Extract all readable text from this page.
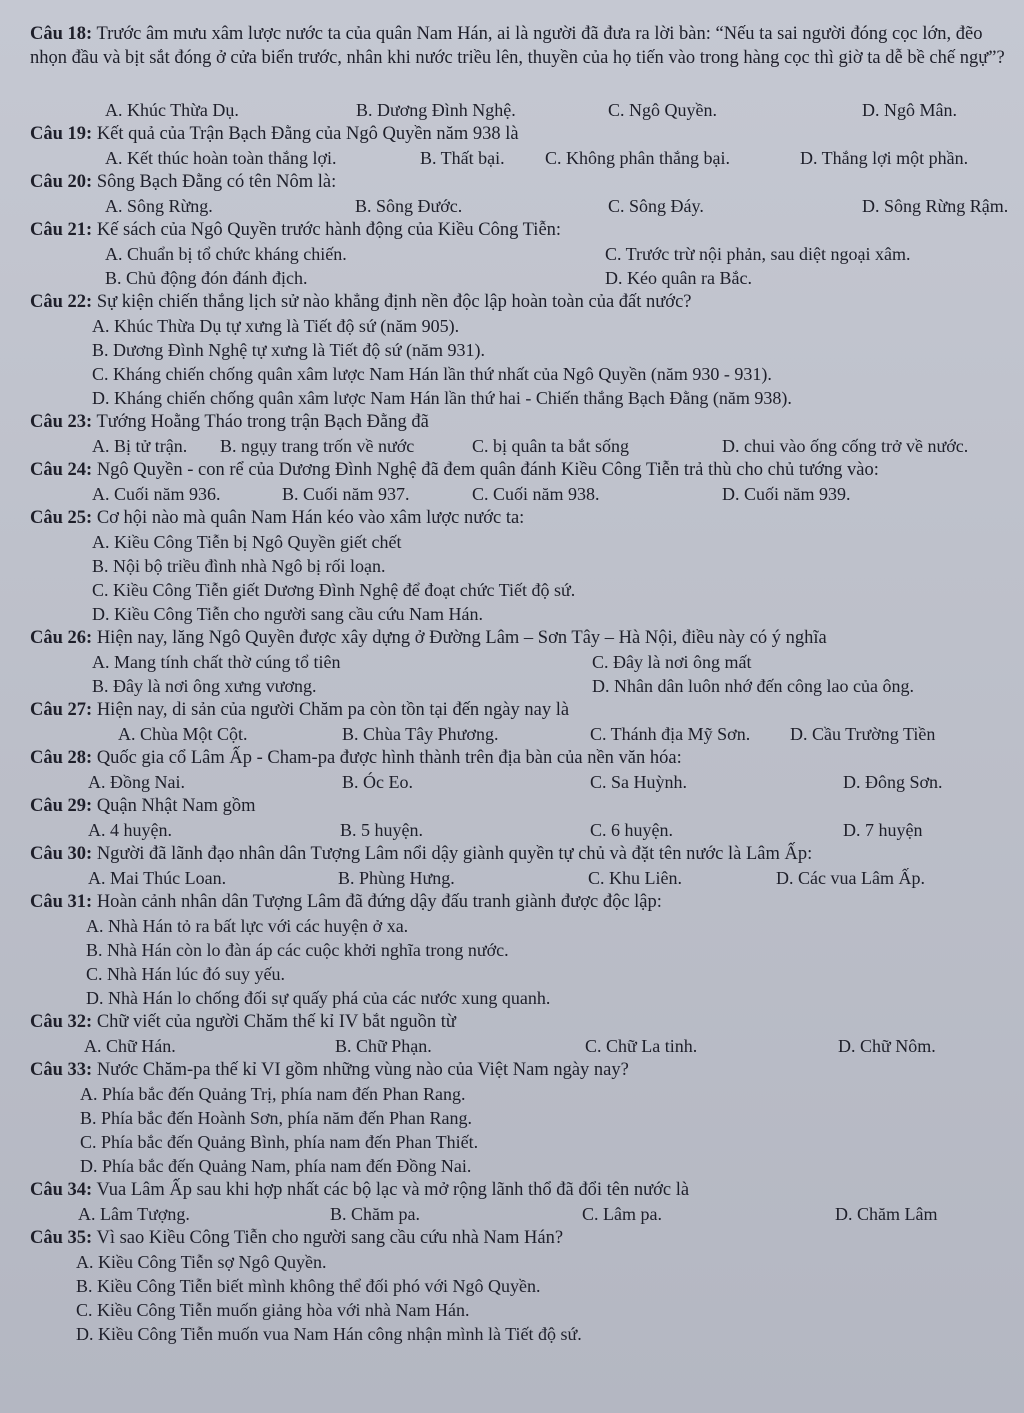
Câu 18: Trước âm mưu xâm lược nước ta của quân Nam Hán, ai là người đã đưa ra lời bàn: “Nếu ta sai người đóng cọc lớn, đẽo nhọn đầu và bịt sắt đóng ở cửa biển trước, nhân khi nước triều lên, thuyền của họ tiến vào trong hàng cọc thì giờ ta dễ bề chế ngự”?
A. Khúc Thừa Dụ.	B. Dương Đình Nghệ.	C. Ngô Quyền.	D. Ngô Mân.
Câu 19: Kết quả của Trận Bạch Đằng của Ngô Quyền năm 938 là
A. Kết thúc hoàn toàn thắng lợi.	B. Thất bại. C. Không phân thắng bại.	D. Thắng lợi một phần.
Câu 20: Sông Bạch Đằng có tên Nôm là:
A. Sông Rừng.	B. Sông Đước.	C. Sông Đáy.	D. Sông Rừng Rậm.
Câu 21: Kế sách của Ngô Quyền trước hành động của Kiều Công Tiễn:
A. Chuẩn bị tổ chức kháng chiến.	C. Trước trừ nội phản, sau diệt ngoại xâm.
B. Chủ động đón đánh địch.	D. Kéo quân ra Bắc.
Câu 22: Sự kiện chiến thắng lịch sử nào khẳng định nền độc lập hoàn toàn của đất nước?
A. Khúc Thừa Dụ tự xưng là Tiết độ sứ (năm 905).
B. Dương Đình Nghệ tự xưng là Tiết độ sứ (năm 931).
C. Kháng chiến chống quân xâm lược Nam Hán lần thứ nhất của Ngô Quyền (năm 930 - 931).
D. Kháng chiến chống quân xâm lược Nam Hán lần thứ hai - Chiến thắng Bạch Đằng (năm 938).
Câu 23: Tướng Hoằng Tháo trong trận Bạch Đằng đã
A. Bị tử trận. B. ngụy trang trốn về nước	C. bị quân ta bắt sống	D. chui vào ống cống trở về nước.
Câu 24: Ngô Quyền - con rể của Dương Đình Nghệ đã đem quân đánh Kiều Công Tiễn trả thù cho chủ tướng vào:
A. Cuối năm 936.	B. Cuối năm 937.	C. Cuối năm 938.	D. Cuối năm 939.
Câu 25: Cơ hội nào mà quân Nam Hán kéo vào xâm lược nước ta:
A. Kiều Công Tiễn bị Ngô Quyền giết chết
B. Nội bộ triều đình nhà Ngô bị rối loạn.
C. Kiều Công Tiễn giết Dương Đình Nghệ để đoạt chức Tiết độ sứ.
D. Kiều Công Tiễn cho người sang cầu cứu Nam Hán.
Câu 26: Hiện nay, lăng Ngô Quyền được xây dựng ở Đường Lâm – Sơn Tây – Hà Nội, điều này có ý nghĩa
A. Mang tính chất thờ cúng tổ tiên	C. Đây là nơi ông mất
B. Đây là nơi ông xưng vương.	D. Nhân dân luôn nhớ đến công lao của ông.
Câu 27: Hiện nay, di sản của người Chăm pa còn tồn tại đến ngày nay là
A. Chùa Một Cột.	B. Chùa Tây Phương.	C. Thánh địa Mỹ Sơn. D. Cầu Trường Tiền
Câu 28: Quốc gia cổ Lâm Ấp - Cham-pa được hình thành trên địa bàn của nền văn hóa:
A. Đồng Nai.	B. Óc Eo.	C. Sa Huỳnh.	D. Đông Sơn.
Câu 29: Quận Nhật Nam gồm
A. 4 huyện.	B. 5 huyện.	C. 6 huyện.	D. 7 huyện
Câu 30: Người đã lãnh đạo nhân dân Tượng Lâm nổi dậy giành quyền tự chủ và đặt tên nước là Lâm Ấp:
A. Mai Thúc Loan.	B. Phùng Hưng.	C. Khu Liên.	D. Các vua Lâm Ấp.
Câu 31: Hoàn cảnh nhân dân Tượng Lâm đã đứng dậy đấu tranh giành được độc lập:
A. Nhà Hán tỏ ra bất lực với các huyện ở xa.
B. Nhà Hán còn lo đàn áp các cuộc khởi nghĩa trong nước.
C. Nhà Hán lúc đó suy yếu.
D. Nhà Hán lo chống đối sự quấy phá của các nước xung quanh.
Câu 32: Chữ viết của người Chăm thế kỉ IV bắt nguồn từ
A. Chữ Hán.	B. Chữ Phạn.	C. Chữ La tinh.	D. Chữ Nôm.
Câu 33: Nước Chăm-pa thế kỉ VI gồm những vùng nào của Việt Nam ngày nay?
A. Phía bắc đến Quảng Trị, phía nam đến Phan Rang.
B. Phía bắc đến Hoành Sơn, phía năm đến Phan Rang.
C. Phía bắc đến Quảng Bình, phía nam đến Phan Thiết.
D. Phía bắc đến Quảng Nam, phía nam đến Đồng Nai.
Câu 34: Vua Lâm Ấp sau khi hợp nhất các bộ lạc và mở rộng lãnh thổ đã đổi tên nước là
A. Lâm Tượng.	B. Chăm pa.	C. Lâm pa.	D. Chăm Lâm
Câu 35: Vì sao Kiều Công Tiễn cho người sang cầu cứu nhà Nam Hán?
A. Kiều Công Tiễn sợ Ngô Quyền.
B. Kiều Công Tiễn biết mình không thể đối phó với Ngô Quyền.
C. Kiều Công Tiễn muốn giảng hòa với nhà Nam Hán.
D. Kiều Công Tiễn muốn vua Nam Hán công nhận mình là Tiết độ sứ.
